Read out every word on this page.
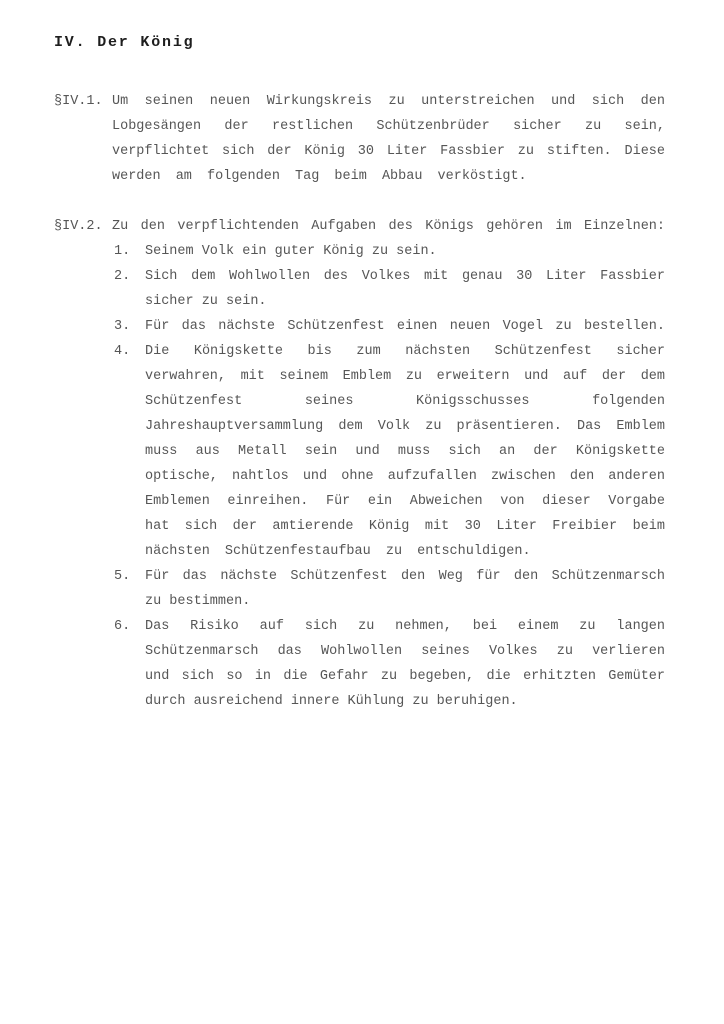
IV. Der König
§IV.1. Um seinen neuen Wirkungskreis zu unterstreichen und sich den
Lobgesängen der restlichen Schützenbrüder sicher zu sein,
verpflichtet sich der König 30 Liter Fassbier zu stiften. Diese
werden am folgenden Tag beim Abbau verköstigt.
§IV.2. Zu den verpflichtenden Aufgaben des Königs gehören im Einzelnen:
1. Seinem Volk ein guter König zu sein.
2. Sich dem Wohlwollen des Volkes mit genau 30 Liter Fassbier
sicher zu sein.
3. Für das nächste Schützenfest einen neuen Vogel zu bestellen.
4. Die Königskette bis zum nächsten Schützenfest sicher
verwahren, mit seinem Emblem zu erweitern und auf der dem
Schützenfest seines Königsschusses folgenden
Jahreshauptversammlung dem Volk zu präsentieren. Das Emblem
muss aus Metall sein und muss sich an der Königskette
optische, nahtlos und ohne aufzufallen zwischen den anderen
Emblemen einreihen. Für ein Abweichen von dieser Vorgabe
hat sich der amtierende König mit 30 Liter Freibier beim
nächsten Schützenfestaufbau zu entschuldigen.
5. Für das nächste Schützenfest den Weg für den Schützenmarsch
zu bestimmen.
6. Das Risiko auf sich zu nehmen, bei einem zu langen
Schützenmarsch das Wohlwollen seines Volkes zu verlieren
und sich so in die Gefahr zu begeben, die erhitzten Gemüter
durch ausreichend innere Kühlung zu beruhigen.
